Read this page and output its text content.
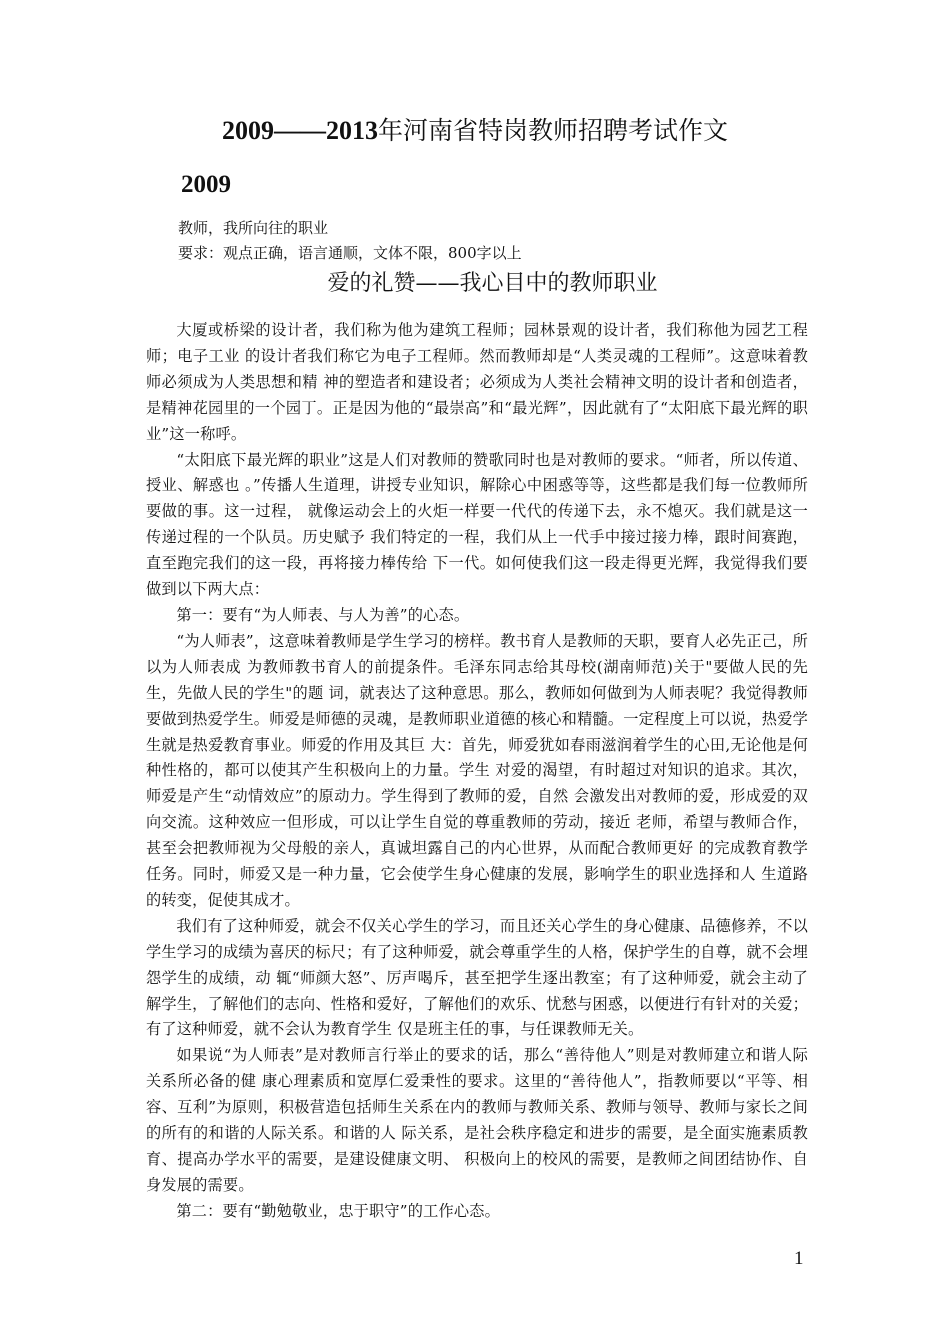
2009——2013年河南省特岗教师招聘考试作文
2009

教师，我所向往的职业

要求：观点正确，语言通顺，文体不限，800字以上

爱的礼赞——我心目中的教师职业

大厦或桥梁的设计者，我们称为他为建筑工程师；园林景观的设计者，我们称他为园艺工程师；电子工业 的设计者我们称它为电子工程师。然而教师却是“人类灵魂的工程师”。这意味着教师必须成为人类思想和精 神的塑造者和建设者；必须成为人类社会精神文明的设计者和创造者，是精神花园里的一个园丁。正是因为他的“最崇高”和“最光辉”，因此就有了“太阳底下最光辉的职业”这一称呼。

“太阳底下最光辉的职业”这是人们对教师的赞歌同时也是对教师的要求。“师者，所以传道、授业、解惑也 。”传播人生道理，讲授专业知识，解除心中困惑等等，这些都是我们每一位教师所要做的事。这一过程， 就像运动会上的火炬一样要一代代的传递下去，永不熄灭。我们就是这一传递过程的一个队员。历史赋予 我们特定的一程，我们从上一代手中接过接力棒，跟时间赛跑，直至跑完我们的这一段，再将接力棒传给 下一代。如何使我们这一段走得更光辉，我觉得我们要做到以下两大点：

第一：要有“为人师表、与人为善”的心态。

“为人师表”，这意味着教师是学生学习的榜样。教书育人是教师的天职，要育人必先正己，所以为人师表成 为教师教书育人的前提条件。毛泽东同志给其母校(湖南师范)关于"要做人民的先生，先做人民的学生"的题 词，就表达了这种意思。那么，教师如何做到为人师表呢？我觉得教师要做到热爱学生。师爱是师德的灵魂，是教师职业道德的核心和精髓。一定程度上可以说，热爱学生就是热爱教育事业。师爱的作用及其巨 大：首先，师爱犹如春雨滋润着学生的心田,无论他是何种性格的，都可以使其产生积极向上的力量。学生 对爱的渴望，有时超过对知识的追求。其次，师爱是产生“动情效应”的原动力。学生得到了教师的爱，自然 会激发出对教师的爱，形成爱的双向交流。这种效应一但形成，可以让学生自觉的尊重教师的劳动，接近 老师，希望与教师合作，甚至会把教师视为父母般的亲人，真诚坦露自己的内心世界，从而配合教师更好 的完成教育教学任务。同时，师爱又是一种力量，它会使学生身心健康的发展，影响学生的职业选择和人 生道路的转变，促使其成才。

我们有了这种师爱，就会不仅关心学生的学习，而且还关心学生的身心健康、品德修养，不以学生学习的成绩为喜厌的标尺；有了这种师爱，就会尊重学生的人格，保护学生的自尊，就不会埋怨学生的成绩，动 辄“师颜大怒”、厉声喝斥，甚至把学生逐出教室；有了这种师爱，就会主动了解学生，了解他们的志向、性格和爱好，了解他们的欢乐、忧愁与困惑，以便进行有针对的关爱；有了这种师爱，就不会认为教育学生 仅是班主任的事，与任课教师无关。

如果说“为人师表”是对教师言行举止的要求的话，那么“善待他人”则是对教师建立和谐人际关系所必备的健 康心理素质和宽厚仁爱秉性的要求。这里的“善待他人”，指教师要以“平等、相容、互利”为原则，积极营造包括师生关系在内的教师与教师关系、教师与领导、教师与家长之间的所有的和谐的人际关系。和谐的人 际关系，是社会秩序稳定和进步的需要，是全面实施素质教育、提高办学水平的需要，是建设健康文明、 积极向上的校风的需要，是教师之间团结协作、自身发展的需要。

第二：要有“勤勉敬业，忠于职守”的工作心态。

1
